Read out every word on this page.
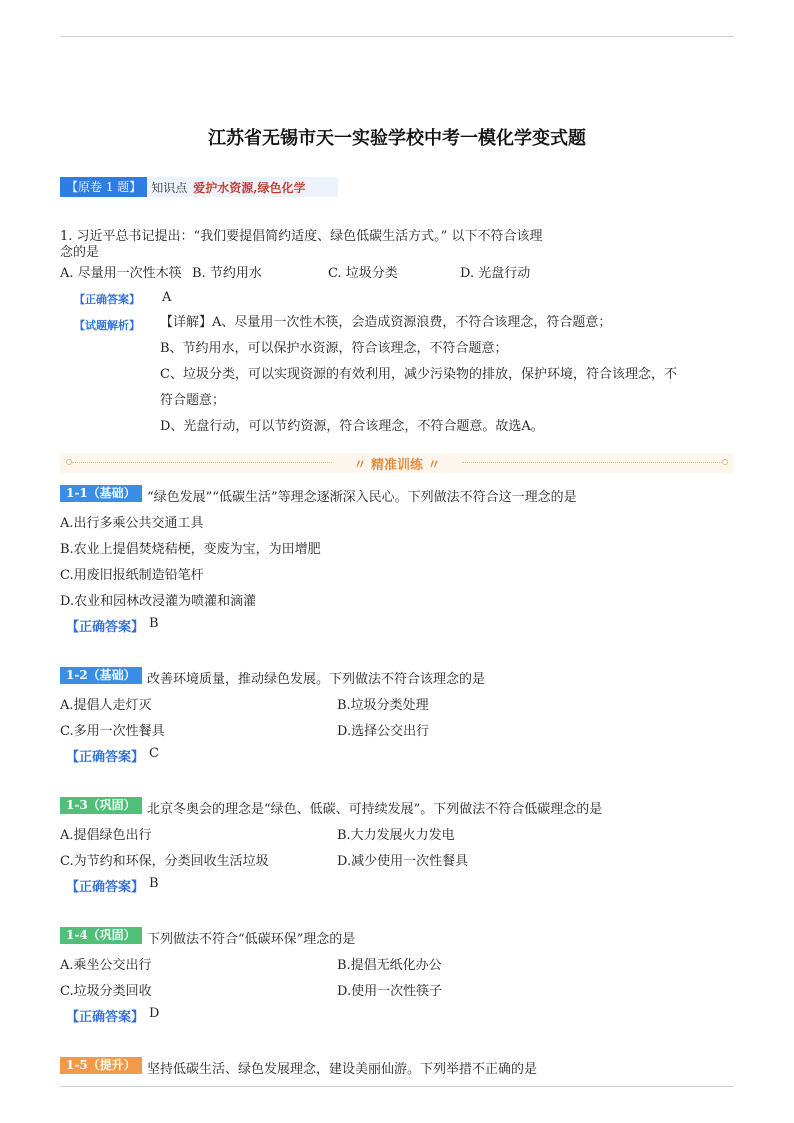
江苏省无锡市天一实验学校中考一模化学变式题
【原卷 1 题】 知识点 爱护水资源,绿色化学
1. 习近平总书记提出：“我们要提倡简约适度、绿色低碳生活方式。” 以下不符合该理
念的是
A. 尽量用一次性木筷 B. 节约用水	C. 垃圾分类	D. 光盘行动
【正确答案】 A
【试题解析】 【详解】A、尽量用一次性木筷，会造成资源浪费，不符合该理念，符合题意；
B、节约用水，可以保护水资源，符合该理念，不符合题意；
C、垃圾分类，可以实现资源的有效利用，减少污染物的排放，保护环境，符合该理念，不
符合题意；
D、光盘行动，可以节约资源，符合该理念，不符合题意。故选A。
〃 精准训练 〃
1-1（基础） “绿色发展”“低碳生活”等理念逐渐深入民心。下列做法不符合这一理念的是
A.出行多乘公共交通工具
B.农业上提倡焚烧秸梗，变废为宝，为田增肥
C.用废旧报纸制造铅笔杆
D.农业和园林改浸灌为喷灌和滴灌
【正确答案】 B
1-2（基础） 改善环境质量，推动绿色发展。下列做法不符合该理念的是
A.提倡人走灯灭	B.垃圾分类处理
C.多用一次性餐具	D.选择公交出行
【正确答案】 C
1-3（巩固） 北京冬奥会的理念是“绿色、低碳、可持续发展”。下列做法不符合低碳理念的是
A.提倡绿色出行	B.大力发展火力发电
C.为节约和环保，分类回收生活垃圾	D.减少使用一次性餐具
【正确答案】 B
1-4（巩固） 下列做法不符合“低碳环保”理念的是
A.乘坐公交出行	B.提倡无纸化办公
C.垃圾分类回收	D.使用一次性筷子
【正确答案】 D
1-5（提升） 坚持低碳生活、绿色发展理念，建设美丽仙游。下列举措不正确的是
